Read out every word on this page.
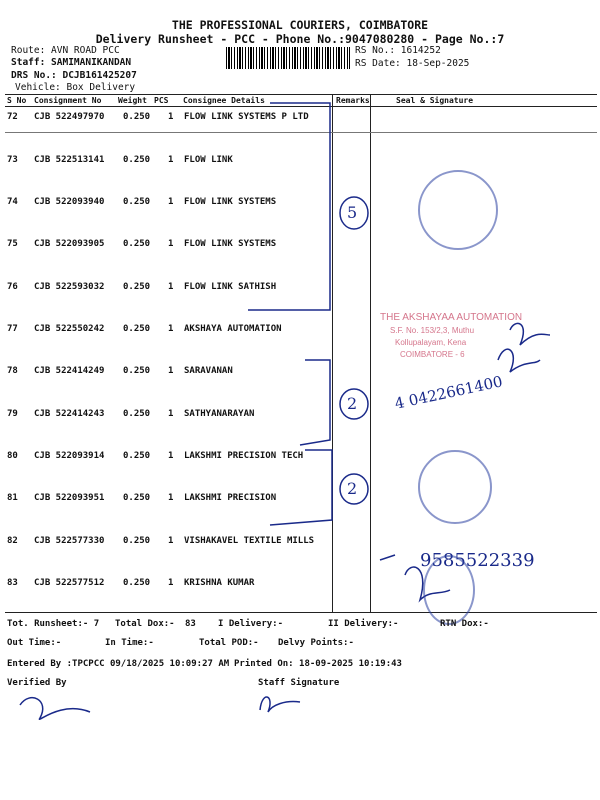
THE PROFESSIONAL COURIERS, COIMBATORE
Delivery Runsheet - PCC - Phone No.:9047080280 - Page No.:7
Route: AVN ROAD PCC
Staff: SAMIMANIKANDAN
DRS No.: DCJB161425207
Vehicle: Box Delivery
RS No.: 1614252
RS Date: 18-Sep-2025
S No Consignment No Weight PCS Consignee Details	Remarks	Seal & Signature
72 CJB 522497970 0.250 1 FLOW LINK SYSTEMS P LTD
73 CJB 522513141 0.250 1 FLOW LINK
74 CJB 522093940 0.250 1 FLOW LINK SYSTEMS
75 CJB 522093905 0.250 1 FLOW LINK SYSTEMS
76 CJB 522593032 0.250 1 FLOW LINK SATHISH
77 CJB 522550242 0.250 1 AKSHAYA AUTOMATION
78 CJB 522414249 0.250 1 SARAVANAN
79 CJB 522414243 0.250 1 SATHYANARAYAN
80 CJB 522093914 0.250 1 LAKSHMI PRECISION TECH
81 CJB 522093951 0.250 1 LAKSHMI PRECISION
82 CJB 522577330 0.250 1 VISHAKAVEL TEXTILE MILLS
83 CJB 522577512 0.250 1 KRISHNA KUMAR
5
2
2
4 0422661400
9585522339
THE AKSHAYAA AUTOMATION
S.F. No. 153/2,3, Muthu
Kollupalayam, Kena
COIMBATORE - 6
Tot. Runsheet:- 7 Total Dox:- 83 I Delivery:-	II Delivery:-	RTN Dox:-
Out Time:-	In Time:-	Total POD:- Delvy Points:-
Entered By :TPCPCC 09/18/2025 10:09:27 AM Printed On: 18-09-2025 10:19:43
Verified By	Staff Signature
